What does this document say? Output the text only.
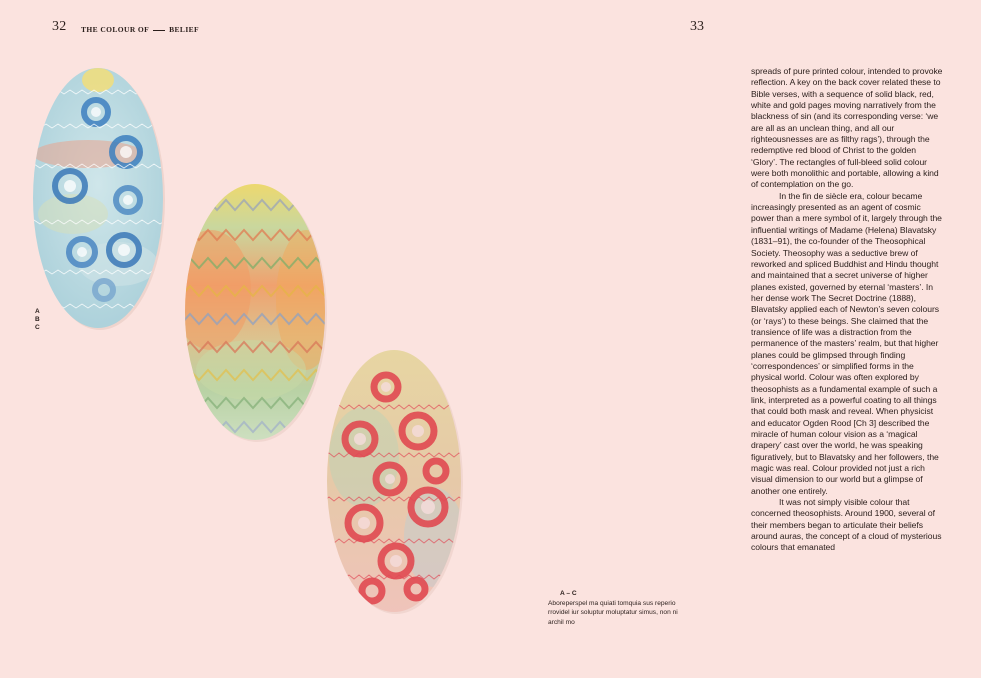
32 THE COLOUR OF	BELIEF	33
A
B
C
A – C
Aboreperspel ma quiati tomquia sus reperio rrovidel iur soluptur moluptatur simus, non ni archil mo

spreads of pure printed colour, intended to provoke reflection. A key on the back cover related these to Bible verses, with a sequence of solid black, red, white and gold pages moving narratively from the blackness of sin (and its corresponding verse: ‘we are all as an unclean thing, and all our righteousnesses are as filthy rags’), through the redemptive red blood of Christ to the golden ‘Glory’. The rectangles of full-bleed solid colour were both monolithic and portable, allowing a kind of contemplation on the go.

In the fin de siècle era, colour became increasingly presented as an agent of cosmic power than a mere symbol of it, largely through the influential writings of Madame (Helena) Blavatsky (1831–91), the co-founder of the Theosophical Society. Theosophy was a seductive brew of reworked and spliced Buddhist and Hindu thought and maintained that a secret universe of higher planes existed, governed by eternal ‘masters’. In her dense work The Secret Doctrine (1888), Blavatsky applied each of Newton’s seven colours (or ‘rays’) to these beings. She claimed that the transience of life was a distraction from the permanence of the masters’ realm, but that higher planes could be glimpsed through finding ‘correspondences’ or simplified forms in the physical world. Colour was often explored by theosophists as a fundamental example of such a link, interpreted as a powerful coating to all things that could both mask and reveal. When physicist and educator Ogden Rood [Ch 3] described the miracle of human colour vision as a ‘magical drapery’ cast over the world, he was speaking figuratively, but to Blavatsky and her followers, the magic was real. Colour provided not just a rich visual dimension to our world but a glimpse of another one entirely.

It was not simply visible colour that concerned theosophists. Around 1900, several of their members began to articulate their beliefs around auras, the concept of a cloud of mysterious colours that emanated
